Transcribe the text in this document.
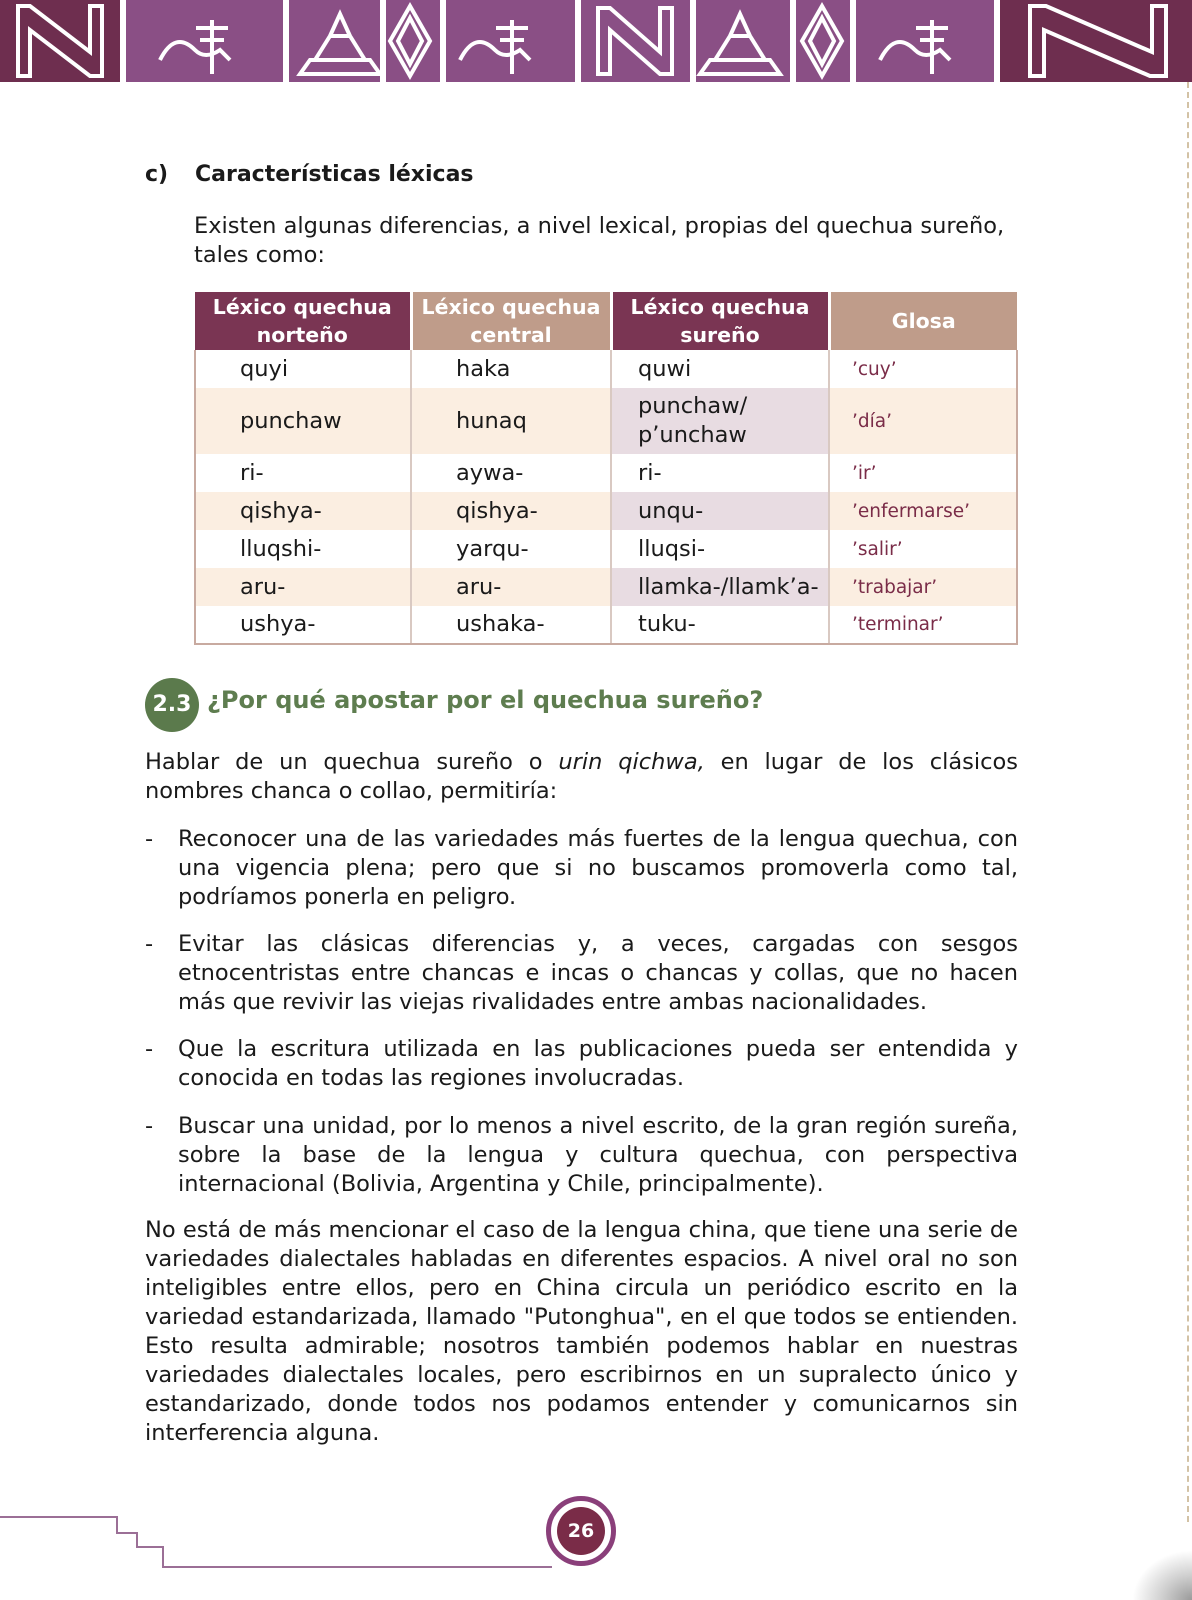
c) Características léxicas

Existen algunas diferencias, a nivel lexical, propias del quechua sureño, tales como:

Léxico quechua norteño	Léxico quechua central	Léxico quechua sureño	Glosa
quyi	haka	quwi	’cuy’
punchaw	hunaq	punchaw/ p’unchaw	’día’
ri-	aywa-	ri-	’ir’
qishya-	qishya-	unqu-	’enfermarse’
lluqshi-	yarqu-	lluqsi-	’salir’
aru-	aru-	llamka-/llamk’a-	’trabajar’
ushya-	ushaka-	tuku-	’terminar’
2.3 ¿Por qué apostar por el quechua sureño?

Hablar de un quechua sureño o urin qichwa, en lugar de los clásicos nombres chanca o collao, permitiría:

-	Reconocer una de las variedades más fuertes de la lengua quechua, con una vigencia plena; pero que si no buscamos promoverla como tal, podríamos ponerla en peligro.
-	Evitar las clásicas diferencias y, a veces, cargadas con sesgos etnocentristas entre chancas e incas o chancas y collas, que no hacen más que revivir las viejas rivalidades entre ambas nacionalidades.
-	Que la escritura utilizada en las publicaciones pueda ser entendida y conocida en todas las regiones involucradas.
-	Buscar una unidad, por lo menos a nivel escrito, de la gran región sureña, sobre la base de la lengua y cultura quechua, con perspectiva internacional (Bolivia, Argentina y Chile, principalmente).

No está de más mencionar el caso de la lengua china, que tiene una serie de variedades dialectales habladas en diferentes espacios. A nivel oral no son inteligibles entre ellos, pero en China circula un periódico escrito en la variedad estandarizada, llamado "Putonghua", en el que todos se entienden. Esto resulta admirable; nosotros también podemos hablar en nuestras variedades dialectales locales, pero escribirnos en un supralecto único y estandarizado, donde todos nos podamos entender y comunicarnos sin interferencia alguna.

26
